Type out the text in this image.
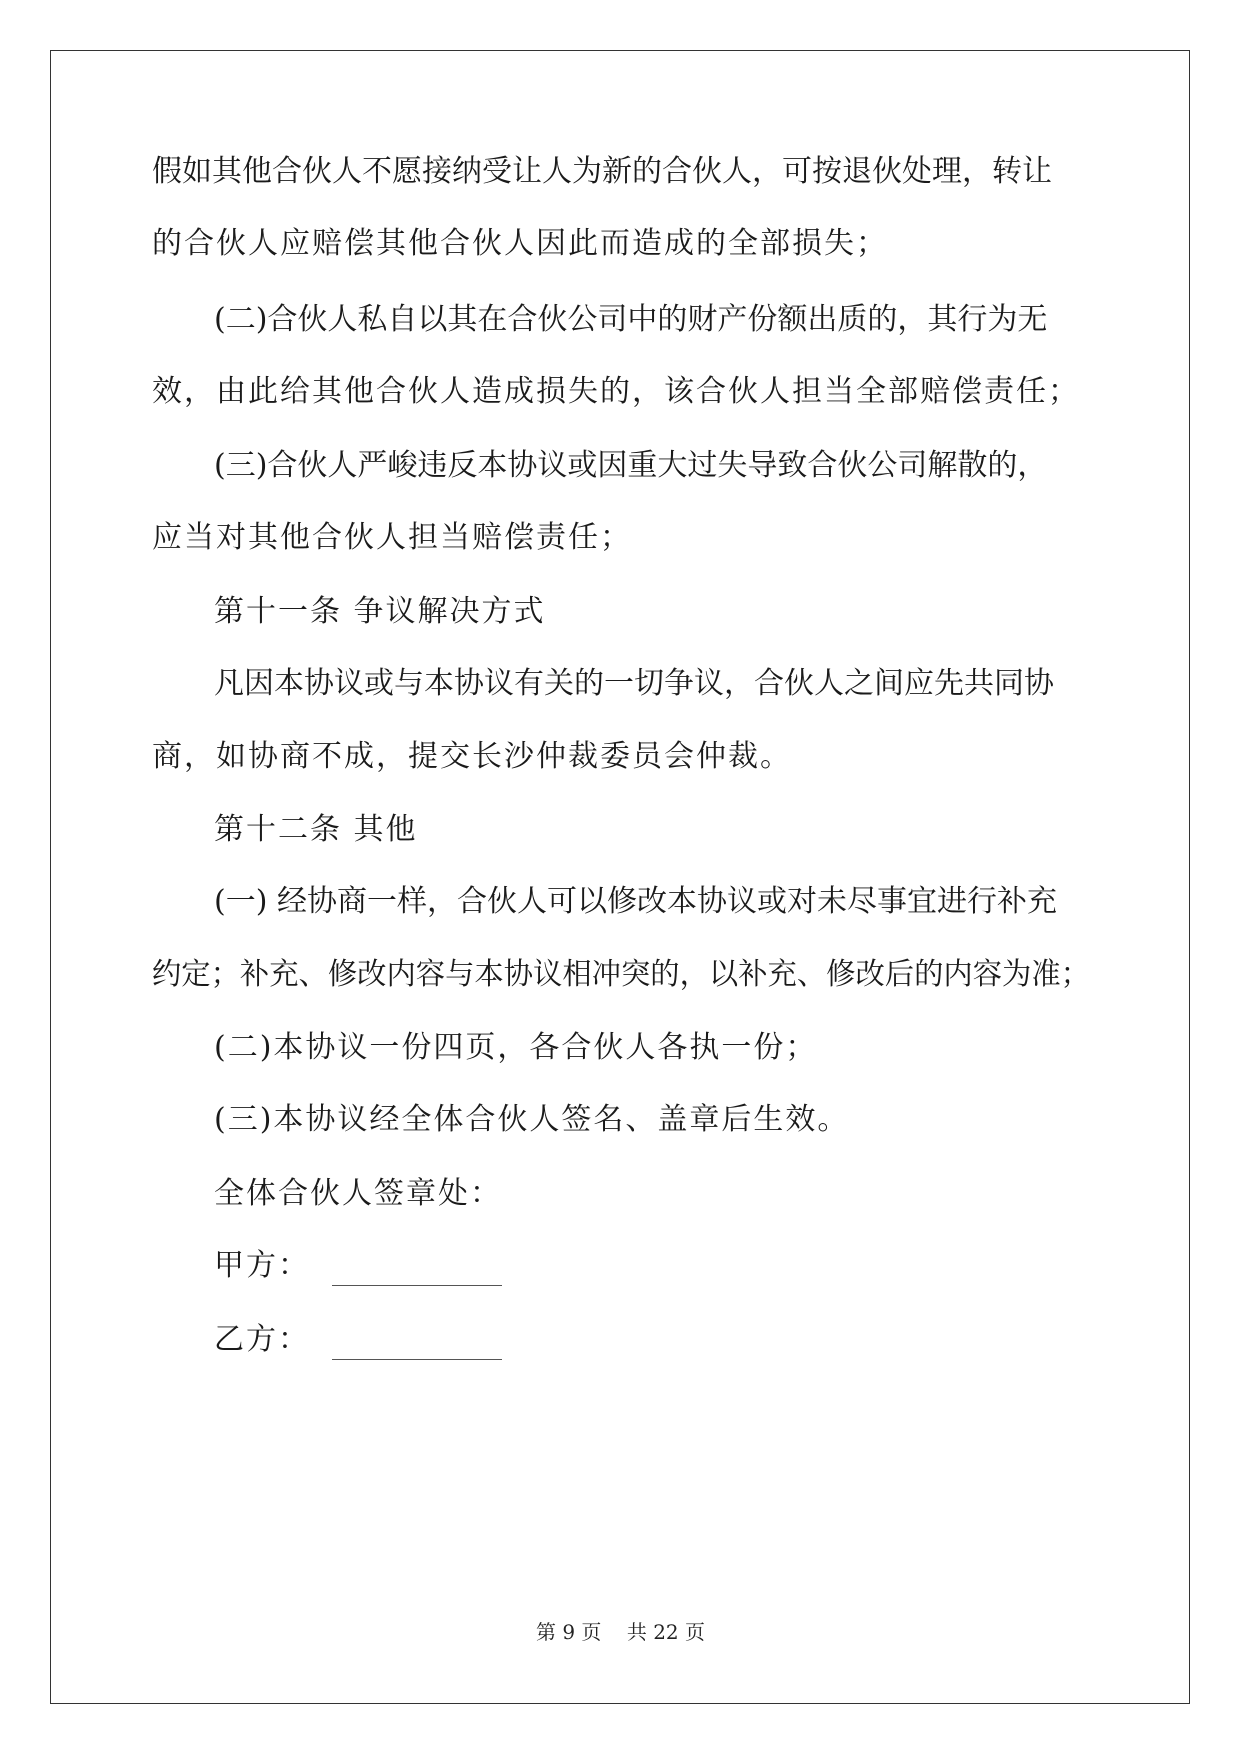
假如其他合伙人不愿接纳受让人为新的合伙人，可按退伙处理，转让
的合伙人应赔偿其他合伙人因此而造成的全部损失；
(二)合伙人私自以其在合伙公司中的财产份额出质的，其行为无
效，由此给其他合伙人造成损失的，该合伙人担当全部赔偿责任；
(三)合伙人严峻违反本协议或因重大过失导致合伙公司解散的，
应当对其他合伙人担当赔偿责任；
第十一条 争议解决方式
凡因本协议或与本协议有关的一切争议，合伙人之间应先共同协
商，如协商不成，提交长沙仲裁委员会仲裁。
第十二条 其他
(一) 经协商一样，合伙人可以修改本协议或对未尽事宜进行补充
约定；补充、修改内容与本协议相冲突的，以补充、修改后的内容为准；
(二)本协议一份四页，各合伙人各执一份；
(三)本协议经全体合伙人签名、盖章后生效。
全体合伙人签章处：
甲方：
乙方：
第 9 页    共 22 页
